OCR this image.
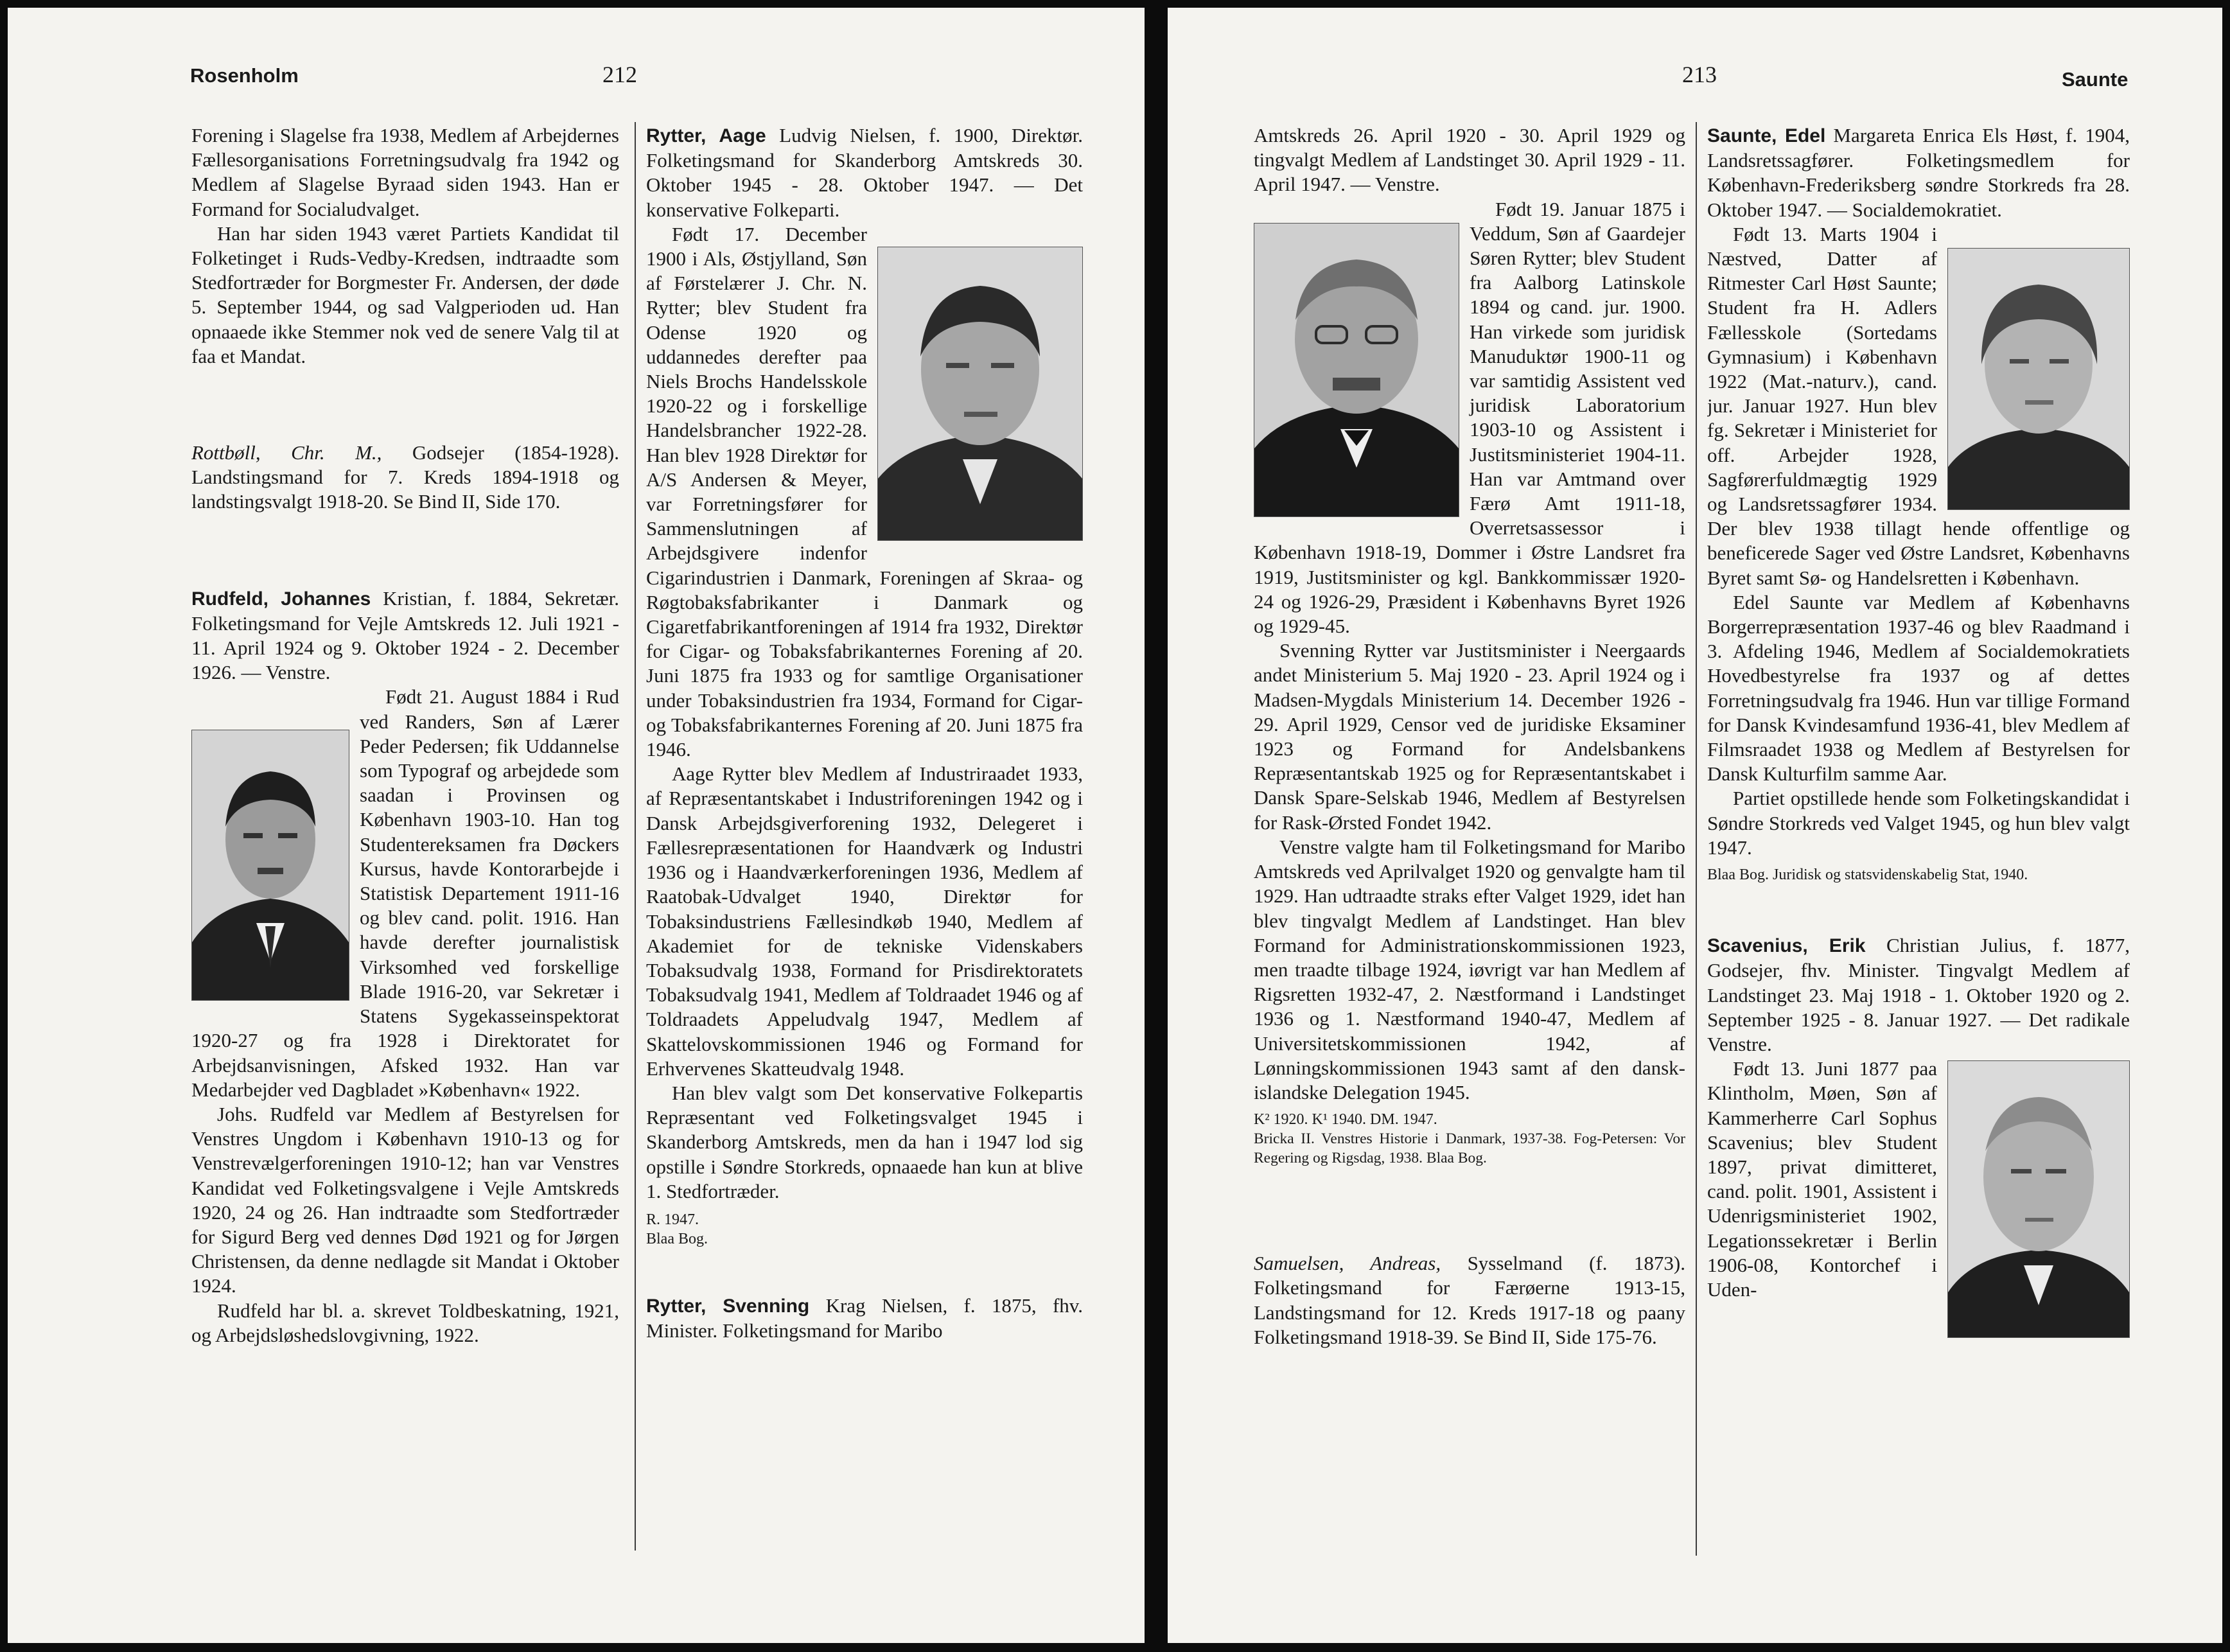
Rosenholm	212

Forening i Slagelse fra 1938, Medlem af Arbejdernes Fællesorganisations Forretningsudvalg fra 1942 og Medlem af Slagelse Byraad siden 1943. Han er Formand for Socialudvalget.

Han har siden 1943 været Partiets Kandidat til Folketinget i Ruds-Vedby-Kredsen, indtraadte som Stedfortræder for Borgmester Fr. Andersen, der døde 5. September 1944, og sad Valgperioden ud. Han opnaaede ikke Stemmer nok ved de senere Valg til at faa et Mandat.

Rottbøll, Chr. M., Godsejer (1854-1928). Landstingsmand for 7. Kreds 1894-1918 og landstingsvalgt 1918-20. Se Bind II, Side 170.

Rudfeld, Johannes Kristian, f. 1884, Sekretær. Folketingsmand for Vejle Amtskreds 12. Juli 1921 - 11. April 1924 og 9. Oktober 1924 - 2. December 1926. — Venstre.

Født 21. August 1884 i Rud ved Randers, Søn af Lærer Peder Pedersen; fik Uddannelse som Typograf og arbejdede som saadan i Provinsen og København 1903-10. Han tog Studentereksamen fra Døckers Kursus, havde Kontorarbejde i Statistisk Departement 1911-16 og blev cand. polit. 1916. Han havde derefter journalistisk Virksomhed ved forskellige Blade 1916-20, var Sekretær i Statens Sygekasseinspektorat 1920-27 og fra 1928 i Direktoratet for Arbejdsanvisningen, Afsked 1932. Han var Medarbejder ved Dagbladet »København« 1922.

Johs. Rudfeld var Medlem af Bestyrelsen for Venstres Ungdom i København 1910-13 og for Venstrevælgerforeningen 1910-12; han var Venstres Kandidat ved Folketingsvalgene i Vejle Amtskreds 1920, 24 og 26. Han indtraadte som Stedfortræder for Sigurd Berg ved dennes Død 1921 og for Jørgen Christensen, da denne nedlagde sit Mandat i Oktober 1924.

Rudfeld har bl. a. skrevet Toldbeskatning, 1921, og Arbejdsløshedslovgivning, 1922.

Rytter, Aage Ludvig Nielsen, f. 1900, Direktør. Folketingsmand for Skanderborg Amtskreds 30. Oktober 1945 - 28. Oktober 1947. — Det konservative Folkeparti.

Født 17. December 1900 i Als, Østjylland, Søn af Førstelærer J. Chr. N. Rytter; blev Student fra Odense 1920 og uddannedes derefter paa Niels Brochs Handelsskole 1920-22 og i forskellige Handelsbrancher 1922-28. Han blev 1928 Direktør for A/S Andersen & Meyer, var Forretningsfører for Sammenslutningen af Arbejdsgivere indenfor Cigarindustrien i Danmark, Foreningen af Skraa- og Røgtobaksfabrikanter i Danmark og Cigaretfabrikantforeningen af 1914 fra 1932, Direktør for Cigar- og Tobaksfabrikanternes Forening af 20. Juni 1875 fra 1933 og for samtlige Organisationer under Tobaksindustrien fra 1934, Formand for Cigar- og Tobaksfabrikanternes Forening af 20. Juni 1875 fra 1946.

Aage Rytter blev Medlem af Industriraadet 1933, af Repræsentantskabet i Industriforeningen 1942 og i Dansk Arbejdsgiverforening 1932, Delegeret i Fællesrepræsentationen for Haandværk og Industri 1936 og i Haandværkerforeningen 1936, Medlem af Raatobak-Udvalget 1940, Direktør for Tobaksindustriens Fællesindkøb 1940, Medlem af Akademiet for de tekniske Videnskabers Tobaksudvalg 1938, Formand for Prisdirektoratets Tobaksudvalg 1941, Medlem af Toldraadet 1946 og af Toldraadets Appeludvalg 1947, Medlem af Skattelovskommissionen 1946 og Formand for Erhvervenes Skatteudvalg 1948.

Han blev valgt som Det konservative Folkepartis Repræsentant ved Folketingsvalget 1945 i Skanderborg Amtskreds, men da han i 1947 lod sig opstille i Søndre Storkreds, opnaaede han kun at blive 1. Stedfortræder.

R. 1947.

Blaa Bog.

Rytter, Svenning Krag Nielsen, f. 1875, fhv. Minister. Folketingsmand for Maribo

213	Saunte

Amtskreds 26. April 1920 - 30. April 1929 og tingvalgt Medlem af Landstinget 30. April 1929 - 11. April 1947. — Venstre.

Født 19. Januar 1875 i Veddum, Søn af Gaardejer Søren Rytter; blev Student fra Aalborg Latinskole 1894 og cand. jur. 1900. Han virkede som juridisk Manuduktør 1900-11 og var samtidig Assistent ved juridisk Laboratorium 1903-10 og Assistent i Justitsministeriet 1904-11. Han var Amtmand over Færø Amt 1911-18, Overretsassessor i København 1918-19, Dommer i Østre Landsret fra 1919, Justitsminister og kgl. Bankkommissær 1920-24 og 1926-29, Præsident i Københavns Byret 1926 og 1929-45.

Svenning Rytter var Justitsminister i Neergaards andet Ministerium 5. Maj 1920 - 23. April 1924 og i Madsen-Mygdals Ministerium 14. December 1926 - 29. April 1929, Censor ved de juridiske Eksaminer 1923 og Formand for Andelsbankens Repræsentantskab 1925 og for Repræsentantskabet i Dansk Spare-Selskab 1946, Medlem af Bestyrelsen for Rask-Ørsted Fondet 1942.

Venstre valgte ham til Folketingsmand for Maribo Amtskreds ved Aprilvalget 1920 og genvalgte ham til 1929. Han udtraadte straks efter Valget 1929, idet han blev tingvalgt Medlem af Landstinget. Han blev Formand for Administrationskommissionen 1923, men traadte tilbage 1924, iøvrigt var han Medlem af Rigsretten 1932-47, 2. Næstformand i Landstinget 1936 og 1. Næstformand 1940-47, Medlem af Universitetskommissionen 1942, af Lønningskommissionen 1943 samt af den dansk-islandske Delegation 1945.

K² 1920. K¹ 1940. DM. 1947.

Bricka II. Venstres Historie i Danmark, 1937-38. Fog-Petersen: Vor Regering og Rigsdag, 1938. Blaa Bog.

Samuelsen, Andreas, Sysselmand (f. 1873). Folketingsmand for Færøerne 1913-15, Landstingsmand for 12. Kreds 1917-18 og paany Folketingsmand 1918-39. Se Bind II, Side 175-76.

Saunte, Edel Margareta Enrica Els Høst, f. 1904, Landsretssagfører. Folketingsmedlem for København-Frederiksberg søndre Storkreds fra 28. Oktober 1947. — Socialdemokratiet.

Født 13. Marts 1904 i Næstved, Datter af Ritmester Carl Høst Saunte; Student fra H. Adlers Fællesskole (Sortedams Gymnasium) i København 1922 (Mat.-naturv.), cand. jur. Januar 1927. Hun blev fg. Sekretær i Ministeriet for off. Arbejder 1928, Sagførerfuldmægtig 1929 og Landsretssagfører 1934. Der blev 1938 tillagt hende offentlige og beneficerede Sager ved Østre Landsret, Københavns Byret samt Sø- og Handelsretten i København.

Edel Saunte var Medlem af Københavns Borgerrepræsentation 1937-46 og blev Raadmand i 3. Afdeling 1946, Medlem af Socialdemokratiets Hovedbestyrelse fra 1937 og af dettes Forretningsudvalg fra 1946. Hun var tillige Formand for Dansk Kvindesamfund 1936-41, blev Medlem af Filmsraadet 1938 og Medlem af Bestyrelsen for Dansk Kulturfilm samme Aar.

Partiet opstillede hende som Folketingskandidat i Søndre Storkreds ved Valget 1945, og hun blev valgt 1947.

Blaa Bog. Juridisk og statsvidenskabelig Stat, 1940.

Scavenius, Erik Christian Julius, f. 1877, Godsejer, fhv. Minister. Tingvalgt Medlem af Landstinget 23. Maj 1918 - 1. Oktober 1920 og 2. September 1925 - 8. Januar 1927. — Det radikale Venstre.

Født 13. Juni 1877 paa Klintholm, Møen, Søn af Kammerherre Carl Sophus Scavenius; blev Student 1897, privat dimitteret, cand. polit. 1901, Assistent i Udenrigsministeriet 1902, Legationssekretær i Berlin 1906-08, Kontorchef i Uden-
